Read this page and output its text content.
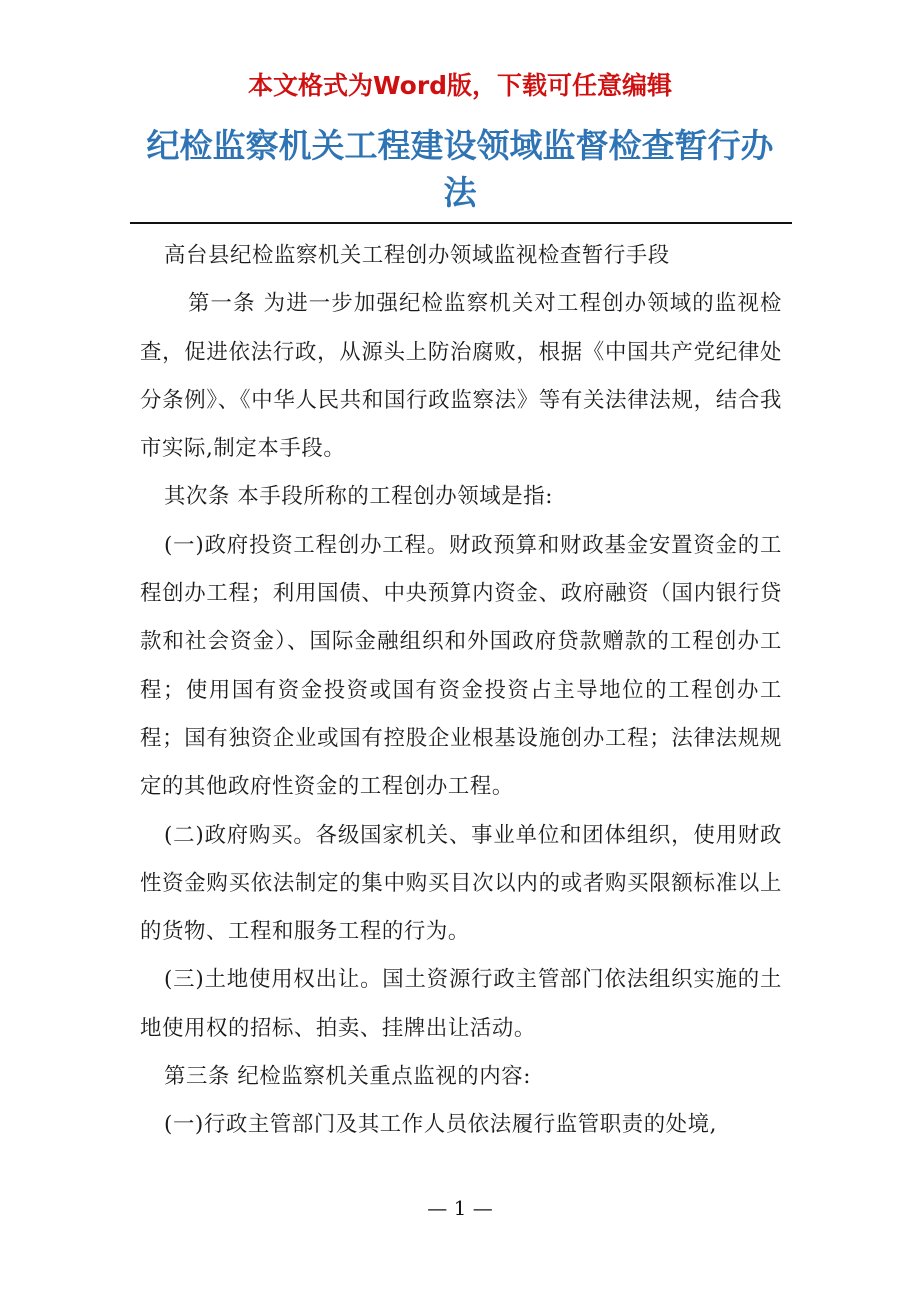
本文格式为Word版，下载可任意编辑
纪检监察机关工程建设领域监督检查暂行办法

高台县纪检监察机关工程创办领域监视检查暂行手段

第一条 为进一步加强纪检监察机关对工程创办领域的监视检查，促进依法行政，从源头上防治腐败，根据《中国共产党纪律处分条例》、《中华人民共和国行政监察法》等有关法律法规，结合我市实际,制定本手段。

其次条 本手段所称的工程创办领域是指:

(一)政府投资工程创办工程。财政预算和财政基金安置资金的工程创办工程；利用国债、中央预算内资金、政府融资（国内银行贷款和社会资金）、国际金融组织和外国政府贷款赠款的工程创办工程；使用国有资金投资或国有资金投资占主导地位的工程创办工程；国有独资企业或国有控股企业根基设施创办工程；法律法规规定的其他政府性资金的工程创办工程。

(二)政府购买。各级国家机关、事业单位和团体组织，使用财政性资金购买依法制定的集中购买目次以内的或者购买限额标准以上的货物、工程和服务工程的行为。

(三)土地使用权出让。国土资源行政主管部门依法组织实施的土地使用权的招标、拍卖、挂牌出让活动。

第三条 纪检监察机关重点监视的内容:

(一)行政主管部门及其工作人员依法履行监管职责的处境,

— 1 —
